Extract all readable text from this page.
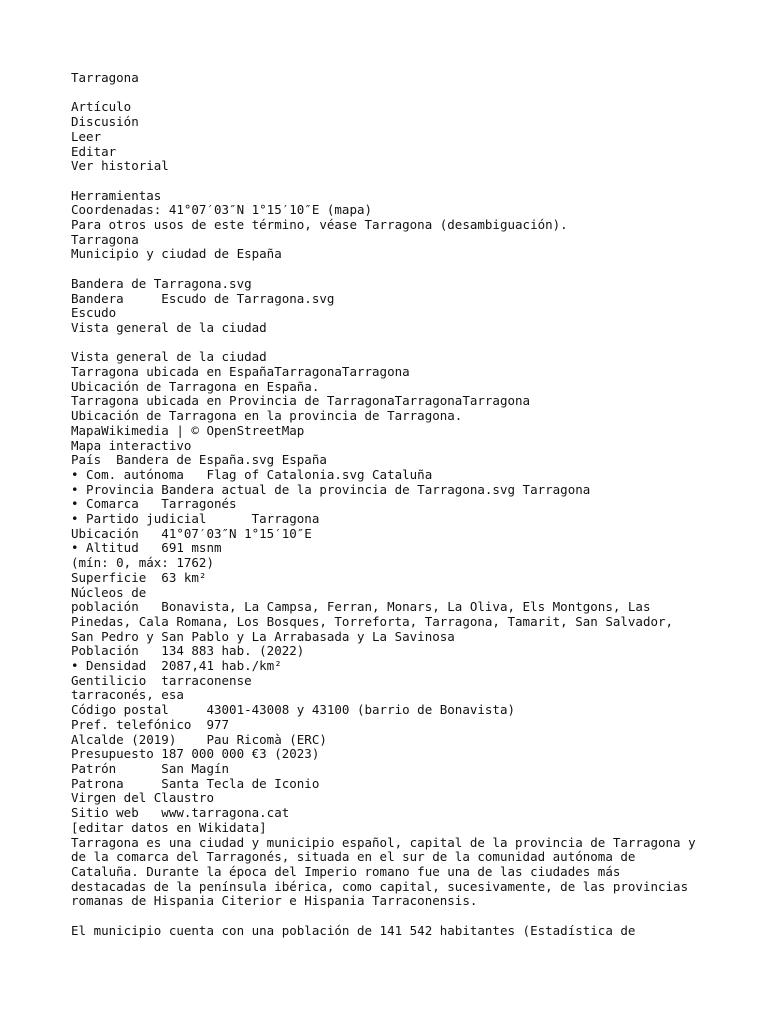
Tarragona
Artículo
Discusión
Leer
Editar
Ver historial
Herramientas
Coordenadas: 41°07′03″N 1°15′10″E (mapa)
Para otros usos de este término, véase Tarragona (desambiguación).
Tarragona
Municipio y ciudad de España
Bandera de Tarragona.svg
Bandera     Escudo de Tarragona.svg
Escudo
Vista general de la ciudad
Vista general de la ciudad
Tarragona ubicada en EspañaTarragonaTarragona
Ubicación de Tarragona en España.
Tarragona ubicada en Provincia de TarragonaTarragonaTarragona
Ubicación de Tarragona en la provincia de Tarragona.
MapaWikimedia | © OpenStreetMap
Mapa interactivo
País  Bandera de España.svg España
• Com. autónoma   Flag of Catalonia.svg Cataluña
• Provincia Bandera actual de la provincia de Tarragona.svg Tarragona
• Comarca   Tarragonés
• Partido judicial      Tarragona
Ubicación   41°07′03″N 1°15′10″E
• Altitud   691 msnm
(mín: 0, máx: 1762)
Superficie  63 km²
Núcleos de
población   Bonavista, La Campsa, Ferran, Monars, La Oliva, Els Montgons, Las
Pinedas, Cala Romana, Los Bosques, Torreforta, Tarragona, Tamarit, San Salvador,
San Pedro y San Pablo y La Arrabasada y La Savinosa
Población   134 883 hab. (2022)
• Densidad  2087,41 hab./km²
Gentilicio  tarraconense
tarraconés, esa
Código postal     43001-43008 y 43100 (barrio de Bonavista)
Pref. telefónico  977
Alcalde (2019)    Pau Ricomà (ERC)
Presupuesto 187 000 000 €3 (2023)
Patrón      San Magín
Patrona     Santa Tecla de Iconio
Virgen del Claustro
Sitio web   www.tarragona.cat
[editar datos en Wikidata]
Tarragona es una ciudad y municipio español, capital de la provincia de Tarragona y
de la comarca del Tarragonés, situada en el sur de la comunidad autónoma de
Cataluña. Durante la época del Imperio romano fue una de las ciudades más
destacadas de la península ibérica, como capital, sucesivamente, de las provincias
romanas de Hispania Citerior e Hispania Tarraconensis.
El municipio cuenta con una población de 141 542 habitantes (Estadística de
